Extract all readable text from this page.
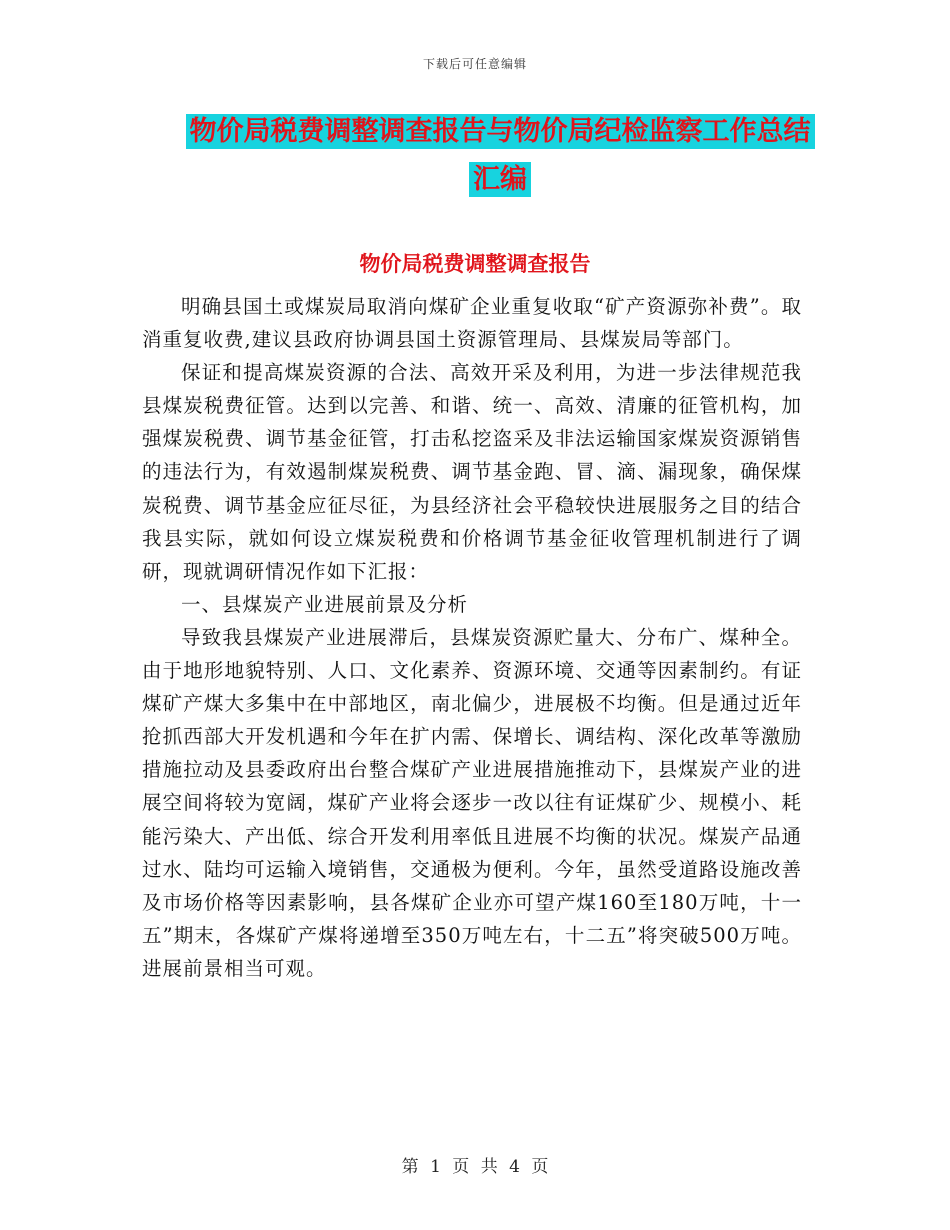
下载后可任意编辑
物价局税费调整调查报告与物价局纪检监察工作总结
汇编
物价局税费调整调查报告

明确县国土或煤炭局取消向煤矿企业重复收取“矿产资源弥补费”。取消重复收费,建议县政府协调县国土资源管理局、县煤炭局等部门。

保证和提高煤炭资源的合法、高效开采及利用，为进一步法律规范我县煤炭税费征管。达到以完善、和谐、统一、高效、清廉的征管机构，加强煤炭税费、调节基金征管，打击私挖盗采及非法运输国家煤炭资源销售的违法行为，有效遏制煤炭税费、调节基金跑、冒、滴、漏现象，确保煤炭税费、调节基金应征尽征，为县经济社会平稳较快进展服务之目的结合我县实际，就如何设立煤炭税费和价格调节基金征收管理机制进行了调研，现就调研情况作如下汇报：

一、县煤炭产业进展前景及分析

导致我县煤炭产业进展滞后，县煤炭资源贮量大、分布广、煤种全。由于地形地貌特别、人口、文化素养、资源环境、交通等因素制约。有证煤矿产煤大多集中在中部地区，南北偏少，进展极不均衡。但是通过近年抢抓西部大开发机遇和今年在扩内需、保增长、调结构、深化改革等激励措施拉动及县委政府出台整合煤矿产业进展措施推动下，县煤炭产业的进展空间将较为宽阔，煤矿产业将会逐步一改以往有证煤矿少、规模小、耗能污染大、产出低、综合开发利用率低且进展不均衡的状况。煤炭产品通过水、陆均可运输入境销售，交通极为便利。今年，虽然受道路设施改善及市场价格等因素影响，县各煤矿企业亦可望产煤160至180万吨，十一五”期末，各煤矿产煤将递增至350万吨左右，十二五”将突破500万吨。进展前景相当可观。

第 1 页 共 4 页
